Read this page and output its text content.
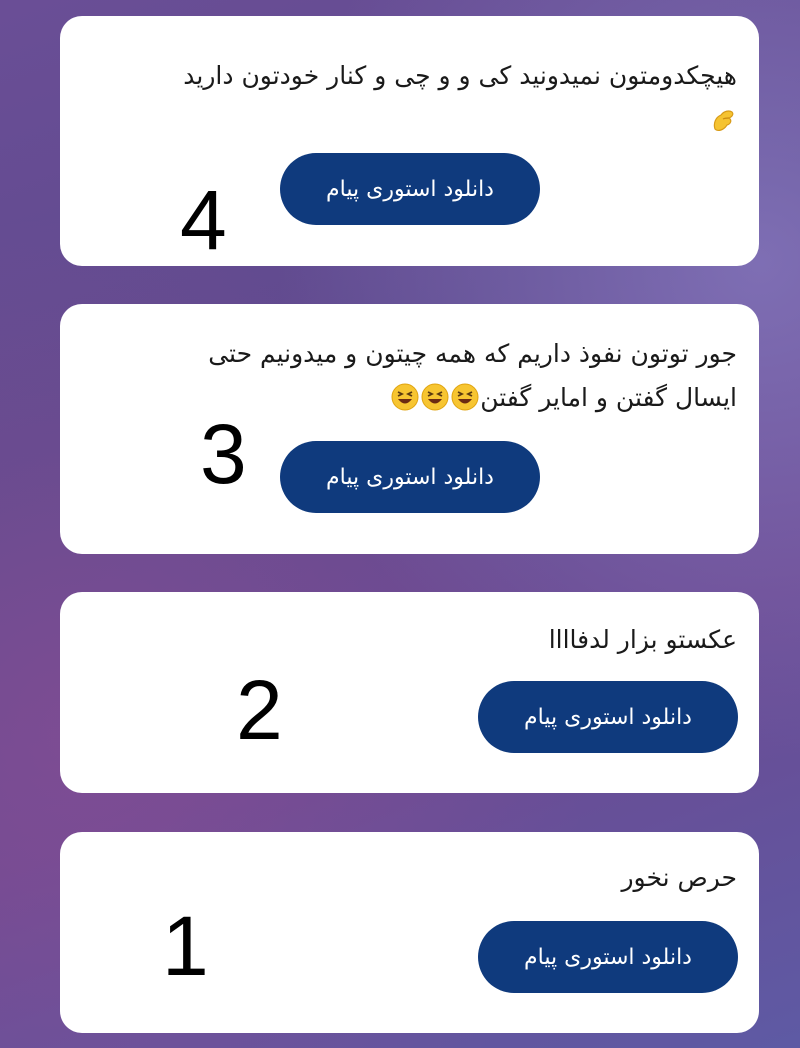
هیچکدومتون نمیدونید کی و و چی و کنار خودتون دارید
دانلود استوری پیام
4
جور توتون نفوذ داریم که همه چیتون و میدونیم حتی
ایسال گفتن و امایر گفتن
دانلود استوری پیام
3
عکستو بزار لدفاااا
دانلود استوری پیام
2
حرص نخور
دانلود استوری پیام
1
